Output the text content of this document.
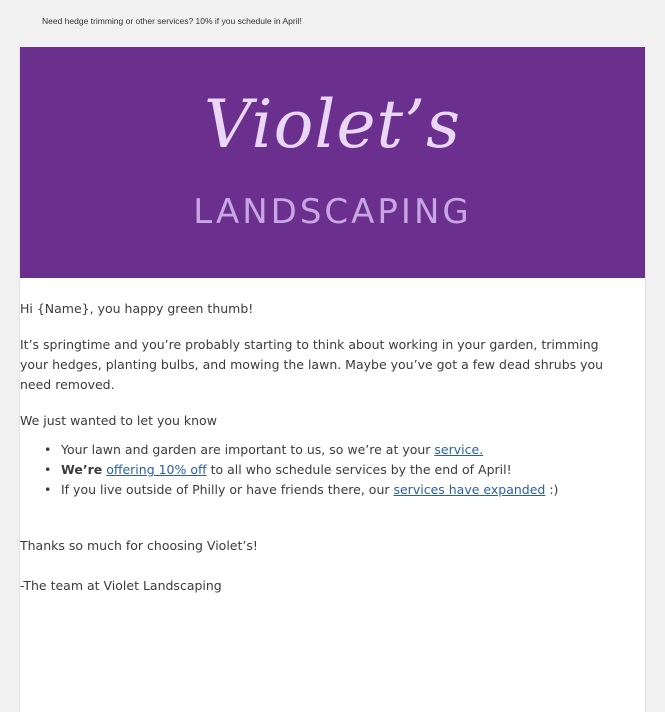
Need hedge trimming or other services? 10% if you schedule in April!
Violet’s
LANDSCAPING

Hi {Name}, you happy green thumb!

It’s springtime and you’re probably starting to think about working in your garden, trimming your hedges, planting bulbs, and mowing the lawn. Maybe you’ve got a few dead shrubs you need removed.

We just wanted to let you know

• Your lawn and garden are important to us, so we’re at your service.
• We’re offering 10% off to all who schedule services by the end of April!
• If you live outside of Philly or have friends there, our services have expanded :)

Thanks so much for choosing Violet’s!

-The team at Violet Landscaping
